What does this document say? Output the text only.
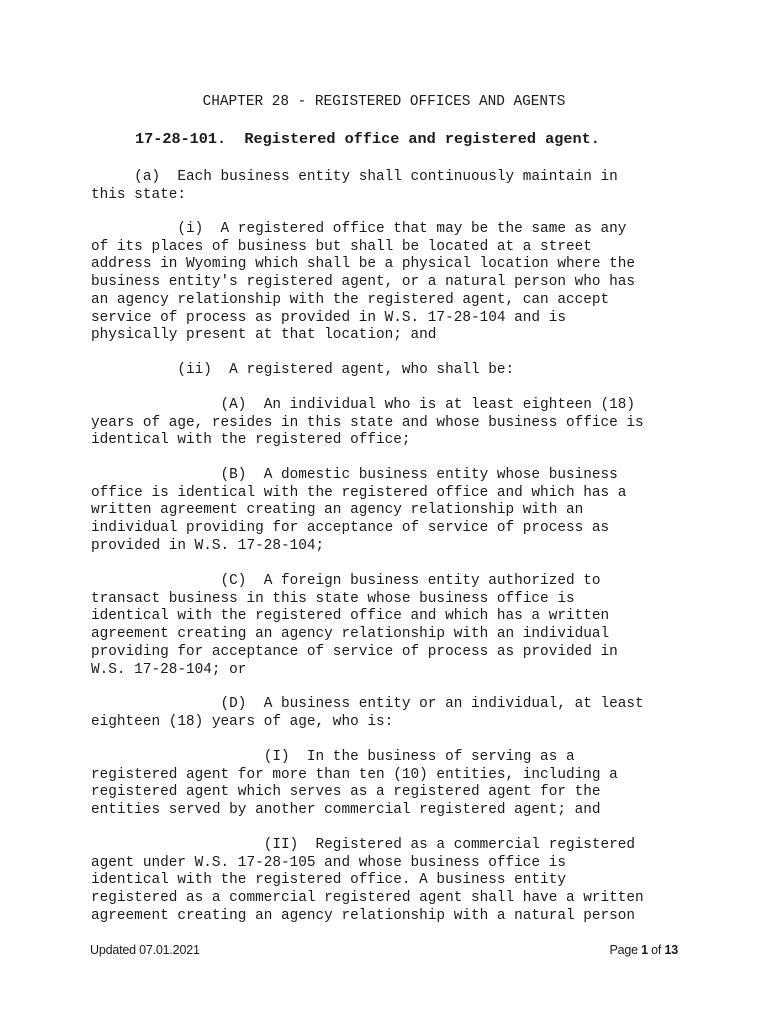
CHAPTER 28 - REGISTERED OFFICES AND AGENTS
17-28-101.  Registered office and registered agent.
(a)  Each business entity shall continuously maintain in
this state:
(i)  A registered office that may be the same as any
of its places of business but shall be located at a street
address in Wyoming which shall be a physical location where the
business entity's registered agent, or a natural person who has
an agency relationship with the registered agent, can accept
service of process as provided in W.S. 17-28-104 and is
physically present at that location; and
(ii)  A registered agent, who shall be:
(A)  An individual who is at least eighteen (18)
years of age, resides in this state and whose business office is
identical with the registered office;
(B)  A domestic business entity whose business
office is identical with the registered office and which has a
written agreement creating an agency relationship with an
individual providing for acceptance of service of process as
provided in W.S. 17-28-104;
(C)  A foreign business entity authorized to
transact business in this state whose business office is
identical with the registered office and which has a written
agreement creating an agency relationship with an individual
providing for acceptance of service of process as provided in
W.S. 17-28-104; or
(D)  A business entity or an individual, at least
eighteen (18) years of age, who is:
(I)  In the business of serving as a
registered agent for more than ten (10) entities, including a
registered agent which serves as a registered agent for the
entities served by another commercial registered agent; and
(II)  Registered as a commercial registered
agent under W.S. 17-28-105 and whose business office is
identical with the registered office. A business entity
registered as a commercial registered agent shall have a written
agreement creating an agency relationship with a natural person
Updated 07.01.2021	Page 1 of 13
